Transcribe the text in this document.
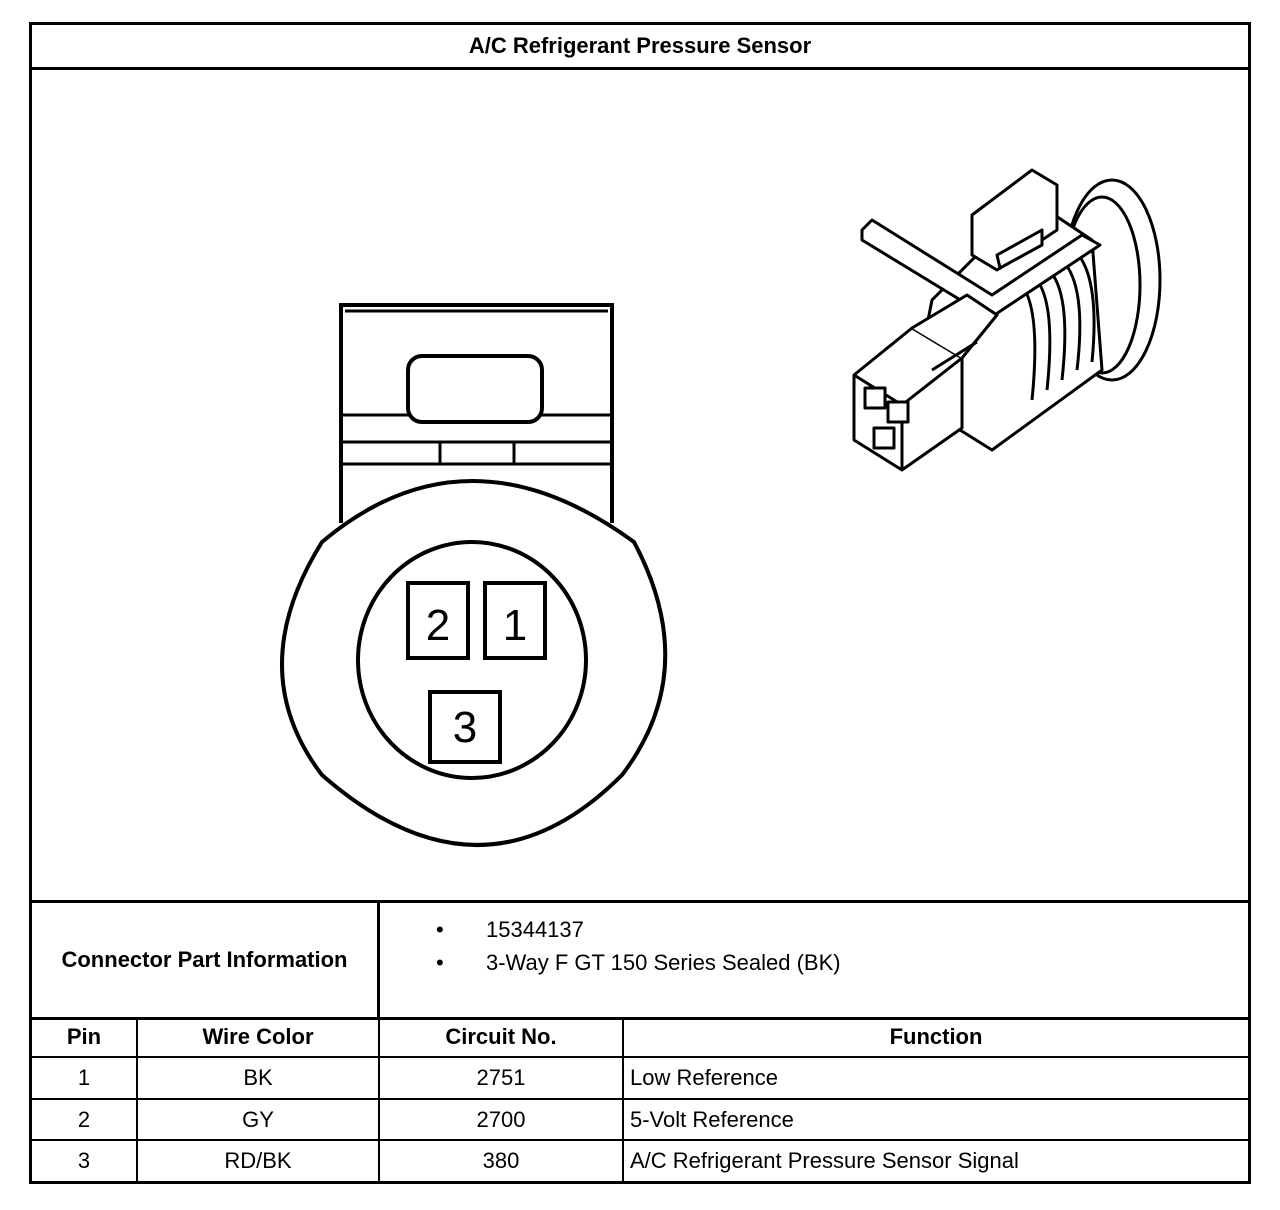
A/C Refrigerant Pressure Sensor
2 1
3
Connector Part Information
• 15344137
• 3-Way F GT 150 Series Sealed (BK)
Pin	Wire Color	Circuit No.	Function
1	BK	2751	Low Reference
2	GY	2700	5-Volt Reference
3	RD/BK	380	A/C Refrigerant Pressure Sensor Signal
